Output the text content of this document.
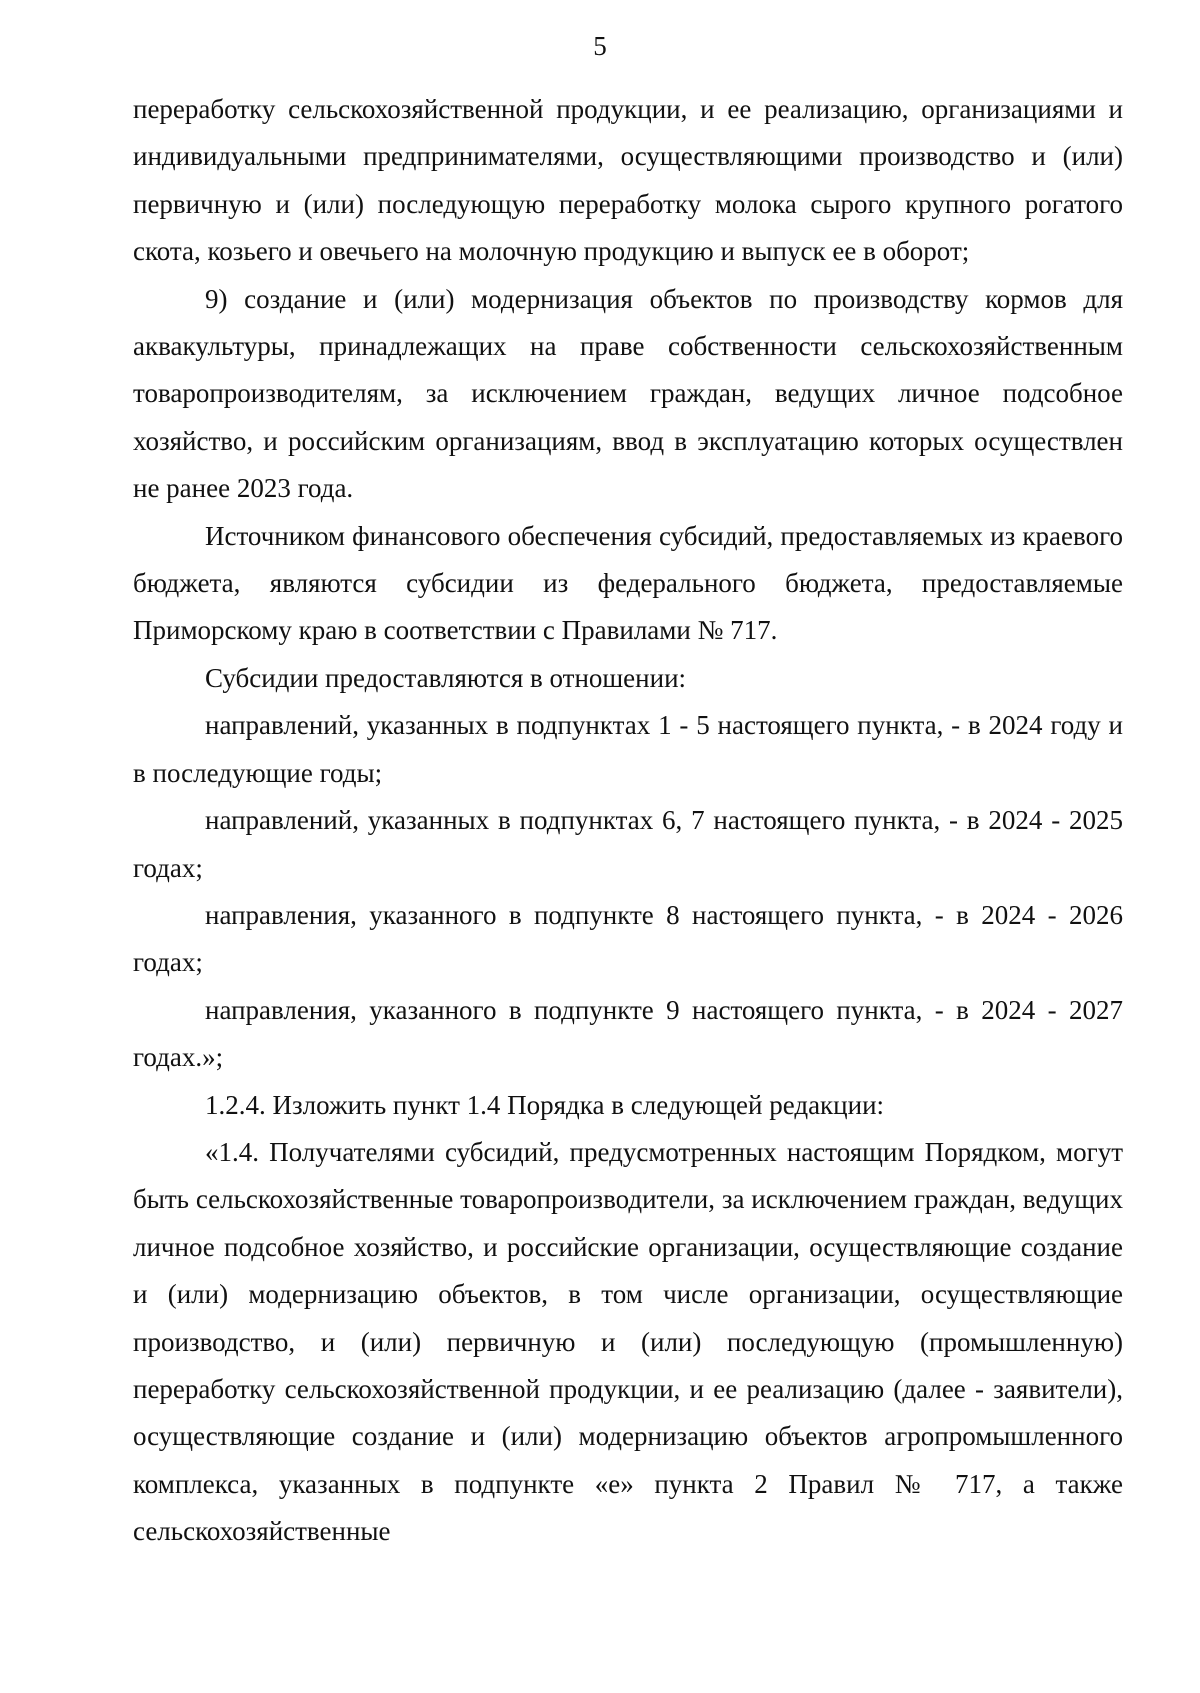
5

переработку сельскохозяйственной продукции, и ее реализацию, организациями и индивидуальными предпринимателями, осуществляющими производство и (или) первичную и (или) последующую переработку молока сырого крупного рогатого скота, козьего и овечьего на молочную продукцию и выпуск ее в оборот;

9) создание и (или) модернизация объектов по производству кормов для аквакультуры, принадлежащих на праве собственности сельскохозяйственным товаропроизводителям, за исключением граждан, ведущих личное подсобное хозяйство, и российским организациям, ввод в эксплуатацию которых осуществлен не ранее 2023 года.

Источником финансового обеспечения субсидий, предоставляемых из краевого бюджета, являются субсидии из федерального бюджета, предоставляемые Приморскому краю в соответствии с Правилами № 717.

Субсидии предоставляются в отношении:

направлений, указанных в подпунктах 1 - 5 настоящего пункта, - в 2024 году и в последующие годы;

направлений, указанных в подпунктах 6, 7 настоящего пункта, - в 2024 - 2025 годах;

направления, указанного в подпункте 8 настоящего пункта, - в 2024 - 2026 годах;

направления, указанного в подпункте 9 настоящего пункта, - в 2024 - 2027 годах.»;

1.2.4. Изложить пункт 1.4 Порядка в следующей редакции:

«1.4. Получателями субсидий, предусмотренных настоящим Порядком, могут быть сельскохозяйственные товаропроизводители, за исключением граждан, ведущих личное подсобное хозяйство, и российские организации, осуществляющие создание и (или) модернизацию объектов, в том числе организации, осуществляющие производство, и (или) первичную и (или) последующую (промышленную) переработку сельскохозяйственной продукции, и ее реализацию (далее - заявители), осуществляющие создание и (или) модернизацию объектов агропромышленного комплекса, указанных в подпункте «е» пункта 2 Правил № 717, а также сельскохозяйственные
